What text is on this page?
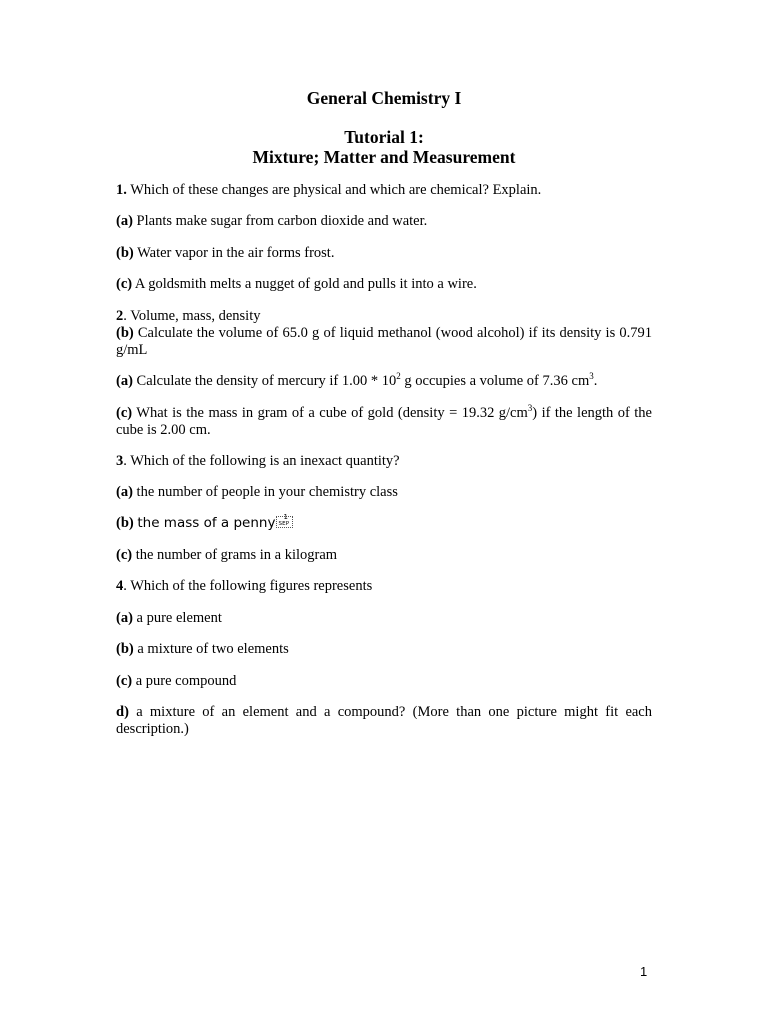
General Chemistry I
Tutorial 1:
Mixture; Matter and Measurement
1. Which of these changes are physical and which are chemical? Explain.
(a) Plants make sugar from carbon dioxide and water.
(b) Water vapor in the air forms frost.
(c) A goldsmith melts a nugget of gold and pulls it into a wire.
2. Volume, mass, density
(b) Calculate the volume of 65.0 g of liquid methanol (wood alcohol) if its density is 0.791 g/mL
(a) Calculate the density of mercury if $1.00 * 10^2$ g occupies a volume of 7.36 $cm^3$.
(c) What is the mass in gram of a cube of gold (density = 19.32 $g/cm^3$) if the length of the cube is 2.00 cm.
3. Which of the following is an inexact quantity?
(a) the number of people in your chemistry class
(b) the mass of a penny 1
SEP
(c) the number of grams in a kilogram
4. Which of the following figures represents
(a) a pure element
(b) a mixture of two elements
(c) a pure compound
d) a mixture of an element and a compound? (More than one picture might fit each description.)
1
